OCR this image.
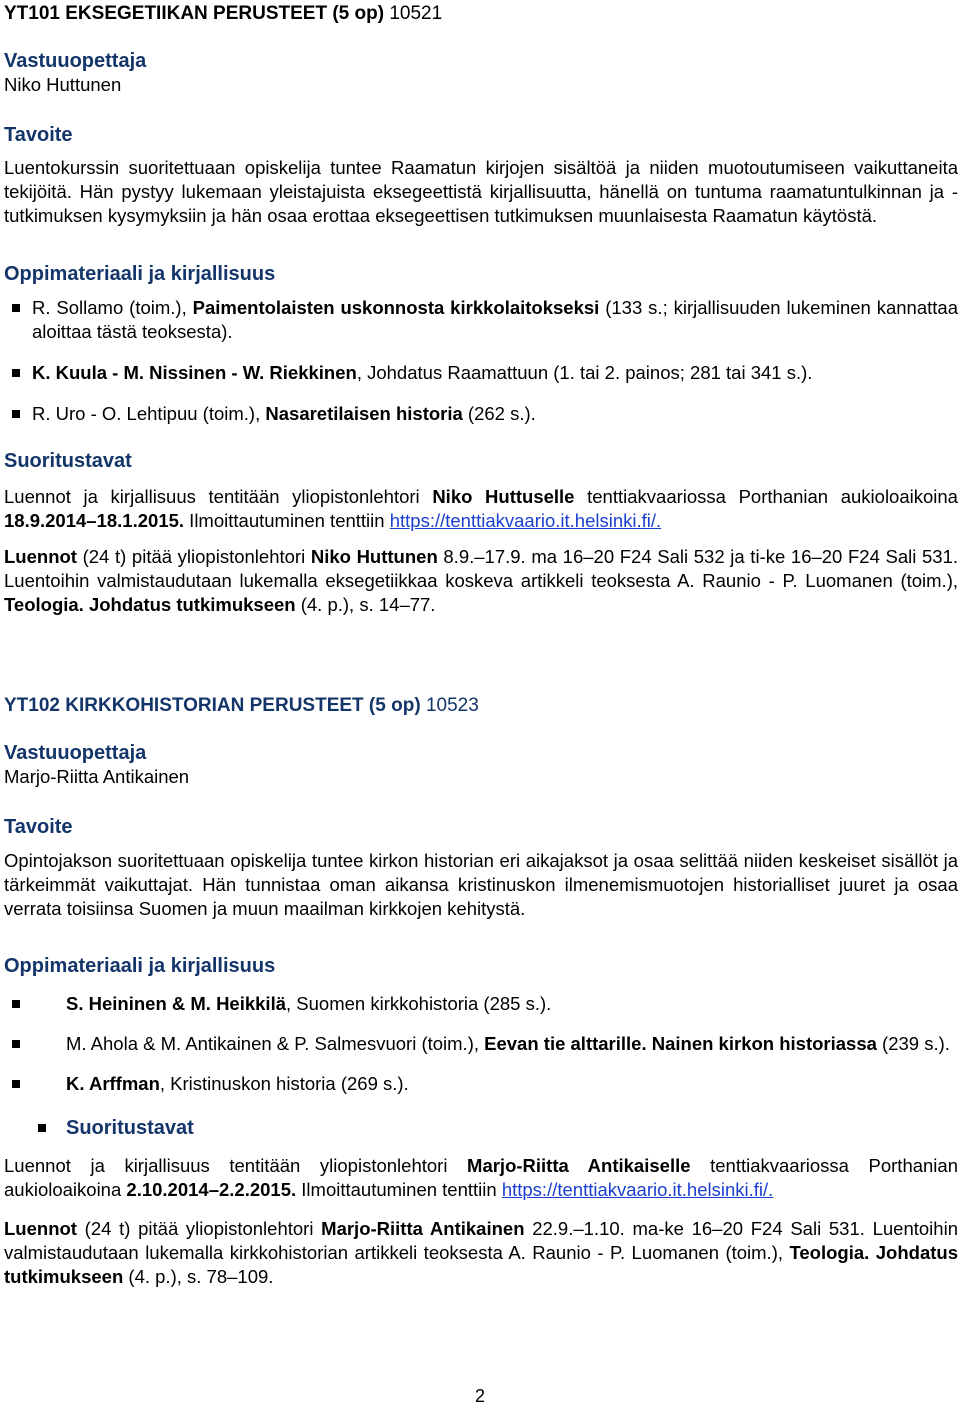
YT101 EKSEGETIIKAN PERUSTEET (5 op) 10521

Vastuuopettaja

Niko Huttunen

Tavoite

Luentokurssin suoritettuaan opiskelija tuntee Raamatun kirjojen sisältöä ja niiden muotoutumiseen vaikuttaneita tekijöitä. Hän pystyy lukemaan yleistajuista eksegeettistä kirjallisuutta, hänellä on tuntuma raamatuntulkinnan ja -tutkimuksen kysymyksiin ja hän osaa erottaa eksegeettisen tutkimuksen muunlaisesta Raamatun käytöstä.

Oppimateriaali ja kirjallisuus

R. Sollamo (toim.), Paimentolaisten uskonnosta kirkkolaitokseksi (133 s.; kirjallisuuden lukeminen kannattaa aloittaa tästä teoksesta).
K. Kuula - M. Nissinen - W. Riekkinen, Johdatus Raamattuun (1. tai 2. painos; 281 tai 341 s.).
R. Uro - O. Lehtipuu (toim.), Nasaretilaisen historia (262 s.).

Suoritustavat

Luennot ja kirjallisuus tentitään yliopistonlehtori Niko Huttuselle tenttiakvaariossa Porthanian aukioloaikoina 18.9.2014–18.1.2015. Ilmoittautuminen tenttiin https://tenttiakvaario.it.helsinki.fi/.

Luennot (24 t) pitää yliopistonlehtori Niko Huttunen 8.9.–17.9. ma 16–20 F24 Sali 532 ja ti-ke 16–20 F24 Sali 531. Luentoihin valmistaudutaan lukemalla eksegetiikkaa koskeva artikkeli teoksesta A. Raunio - P. Luomanen (toim.), Teologia. Johdatus tutkimukseen (4. p.), s. 14–77.

YT102 KIRKKOHISTORIAN PERUSTEET (5 op) 10523

Vastuuopettaja

Marjo-Riitta Antikainen

Tavoite

Opintojakson suoritettuaan opiskelija tuntee kirkon historian eri aikajaksot ja osaa selittää niiden keskeiset sisällöt ja tärkeimmät vaikuttajat. Hän tunnistaa oman aikansa kristinuskon ilmenemismuotojen historialliset juuret ja osaa verrata toisiinsa Suomen ja muun maailman kirkkojen kehitystä.

Oppimateriaali ja kirjallisuus

S. Heininen & M. Heikkilä, Suomen kirkkohistoria (285 s.).
M. Ahola & M. Antikainen & P. Salmesvuori (toim.), Eevan tie alttarille. Nainen kirkon historiassa (239 s.).
K. Arffman, Kristinuskon historia (269 s.).

Suoritustavat

Luennot ja kirjallisuus tentitään yliopistonlehtori Marjo-Riitta Antikaiselle tenttiakvaariossa Porthanian aukioloaikoina 2.10.2014–2.2.2015. Ilmoittautuminen tenttiin https://tenttiakvaario.it.helsinki.fi/.

Luennot (24 t) pitää yliopistonlehtori Marjo-Riitta Antikainen 22.9.–1.10. ma-ke 16–20 F24 Sali 531. Luentoihin valmistaudutaan lukemalla kirkkohistorian artikkeli teoksesta A. Raunio - P. Luomanen (toim.), Teologia. Johdatus tutkimukseen (4. p.), s. 78–109.

2
